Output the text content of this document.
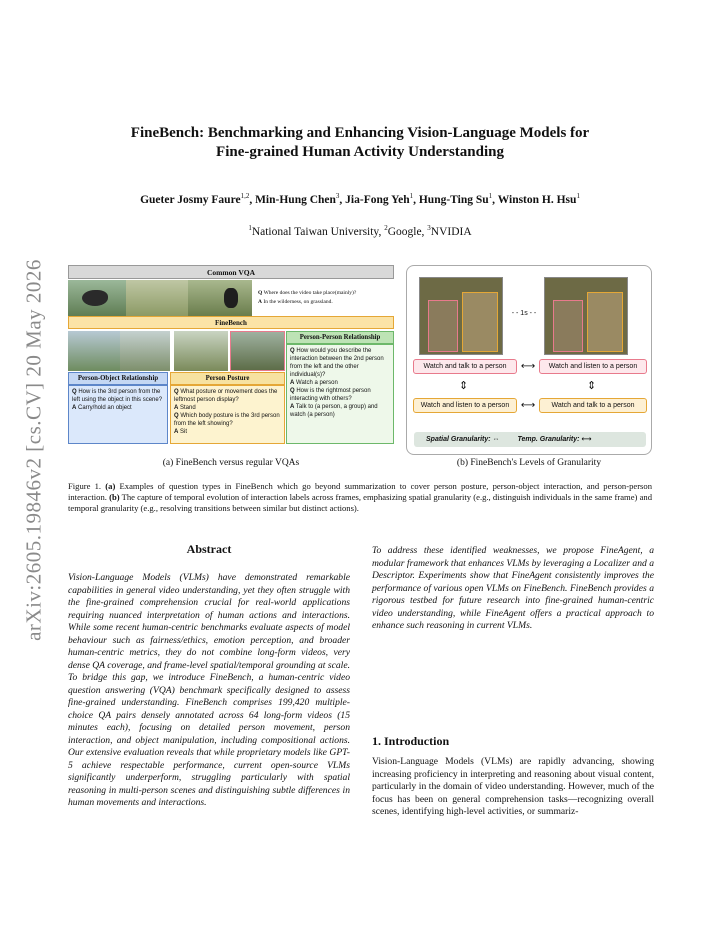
arXiv:2605.19846v2 [cs.CV] 20 May 2026
FineBench: Benchmarking and Enhancing Vision-Language Models for
Fine-grained Human Activity Understanding
Gueter Josmy Faure$^{1,2}$, Min-Hung Chen$^3$, Jia-Fong Yeh$^1$, Hung-Ting Su$^1$, Winston H. Hsu$^1$
$^1$National Taiwan University, $^2$Google, $^3$NVIDIA
Common VQA
Q Where does the video take place(mainly)?
A In the wilderness, on grassland.
FineBench
Person-Person Relationship
Q How would you describe the interaction between the 2nd person from the left and the other individual(s)?
A Watch a person
Q How is the rightmost person interacting with others?
A Talk to (a person, a group) and watch (a person)
Person-Object Relationship
Q How is the 3rd person from the left using the object in this scene?
A Carry/hold an object
Person Posture
Q What posture or movement does the leftmost person display?
A Stand
Q Which body posture is the 3rd person from the left showing?
A Sit
(a) FineBench versus regular VQAs
- - 1s - -
Watch and talk to a person	⟷	Watch and listen to a person
⇕	⇕
Watch and listen to a person	⟷	Watch and talk to a person
Spatial Granularity: ⇔	Temp. Granularity: ⟷
(b) FineBench's Levels of Granularity
Figure 1. (a) Examples of question types in FineBench which go beyond summarization to cover person posture, person-object interaction, and person-person interaction. (b) The capture of temporal evolution of interaction labels across frames, emphasizing spatial granularity (e.g., distinguish individuals in the same frame) and temporal granularity (e.g., resolving transitions between similar but distinct actions).
Abstract
Vision-Language Models (VLMs) have demonstrated remarkable capabilities in general video understanding, yet they often struggle with the fine-grained comprehension crucial for real-world applications requiring nuanced interpretation of human actions and interactions. While some recent human-centric benchmarks evaluate aspects of model behaviour such as fairness/ethics, emotion perception, and broader human-centric metrics, they do not combine long-form videos, very dense QA coverage, and frame-level spatial/temporal grounding at scale. To bridge this gap, we introduce FineBench, a human-centric video question answering (VQA) benchmark specifically designed to assess fine-grained understanding. FineBench comprises 199,420 multiple-choice QA pairs densely annotated across 64 long-form videos (15 minutes each), focusing on detailed person movement, person interaction, and object manipulation, including compositional actions. Our extensive evaluation reveals that while proprietary models like GPT-5 achieve respectable performance, current open-source VLMs significantly underperform, struggling particularly with spatial reasoning in multi-person scenes and distinguishing subtle differences in human movements and interactions.
To address these identified weaknesses, we propose FineAgent, a modular framework that enhances VLMs by leveraging a Localizer and a Descriptor. Experiments show that FineAgent consistently improves the performance of various open VLMs on FineBench. FineBench provides a rigorous testbed for future research into fine-grained human-centric video understanding, while FineAgent offers a practical approach to enhance such reasoning in current VLMs.
1. Introduction
Vision-Language Models (VLMs) are rapidly advancing, showing increasing proficiency in interpreting and reasoning about visual content, particularly in the domain of video understanding. However, much of the focus has been on general comprehension tasks—recognizing overall scenes, identifying high-level activities, or summariz-
